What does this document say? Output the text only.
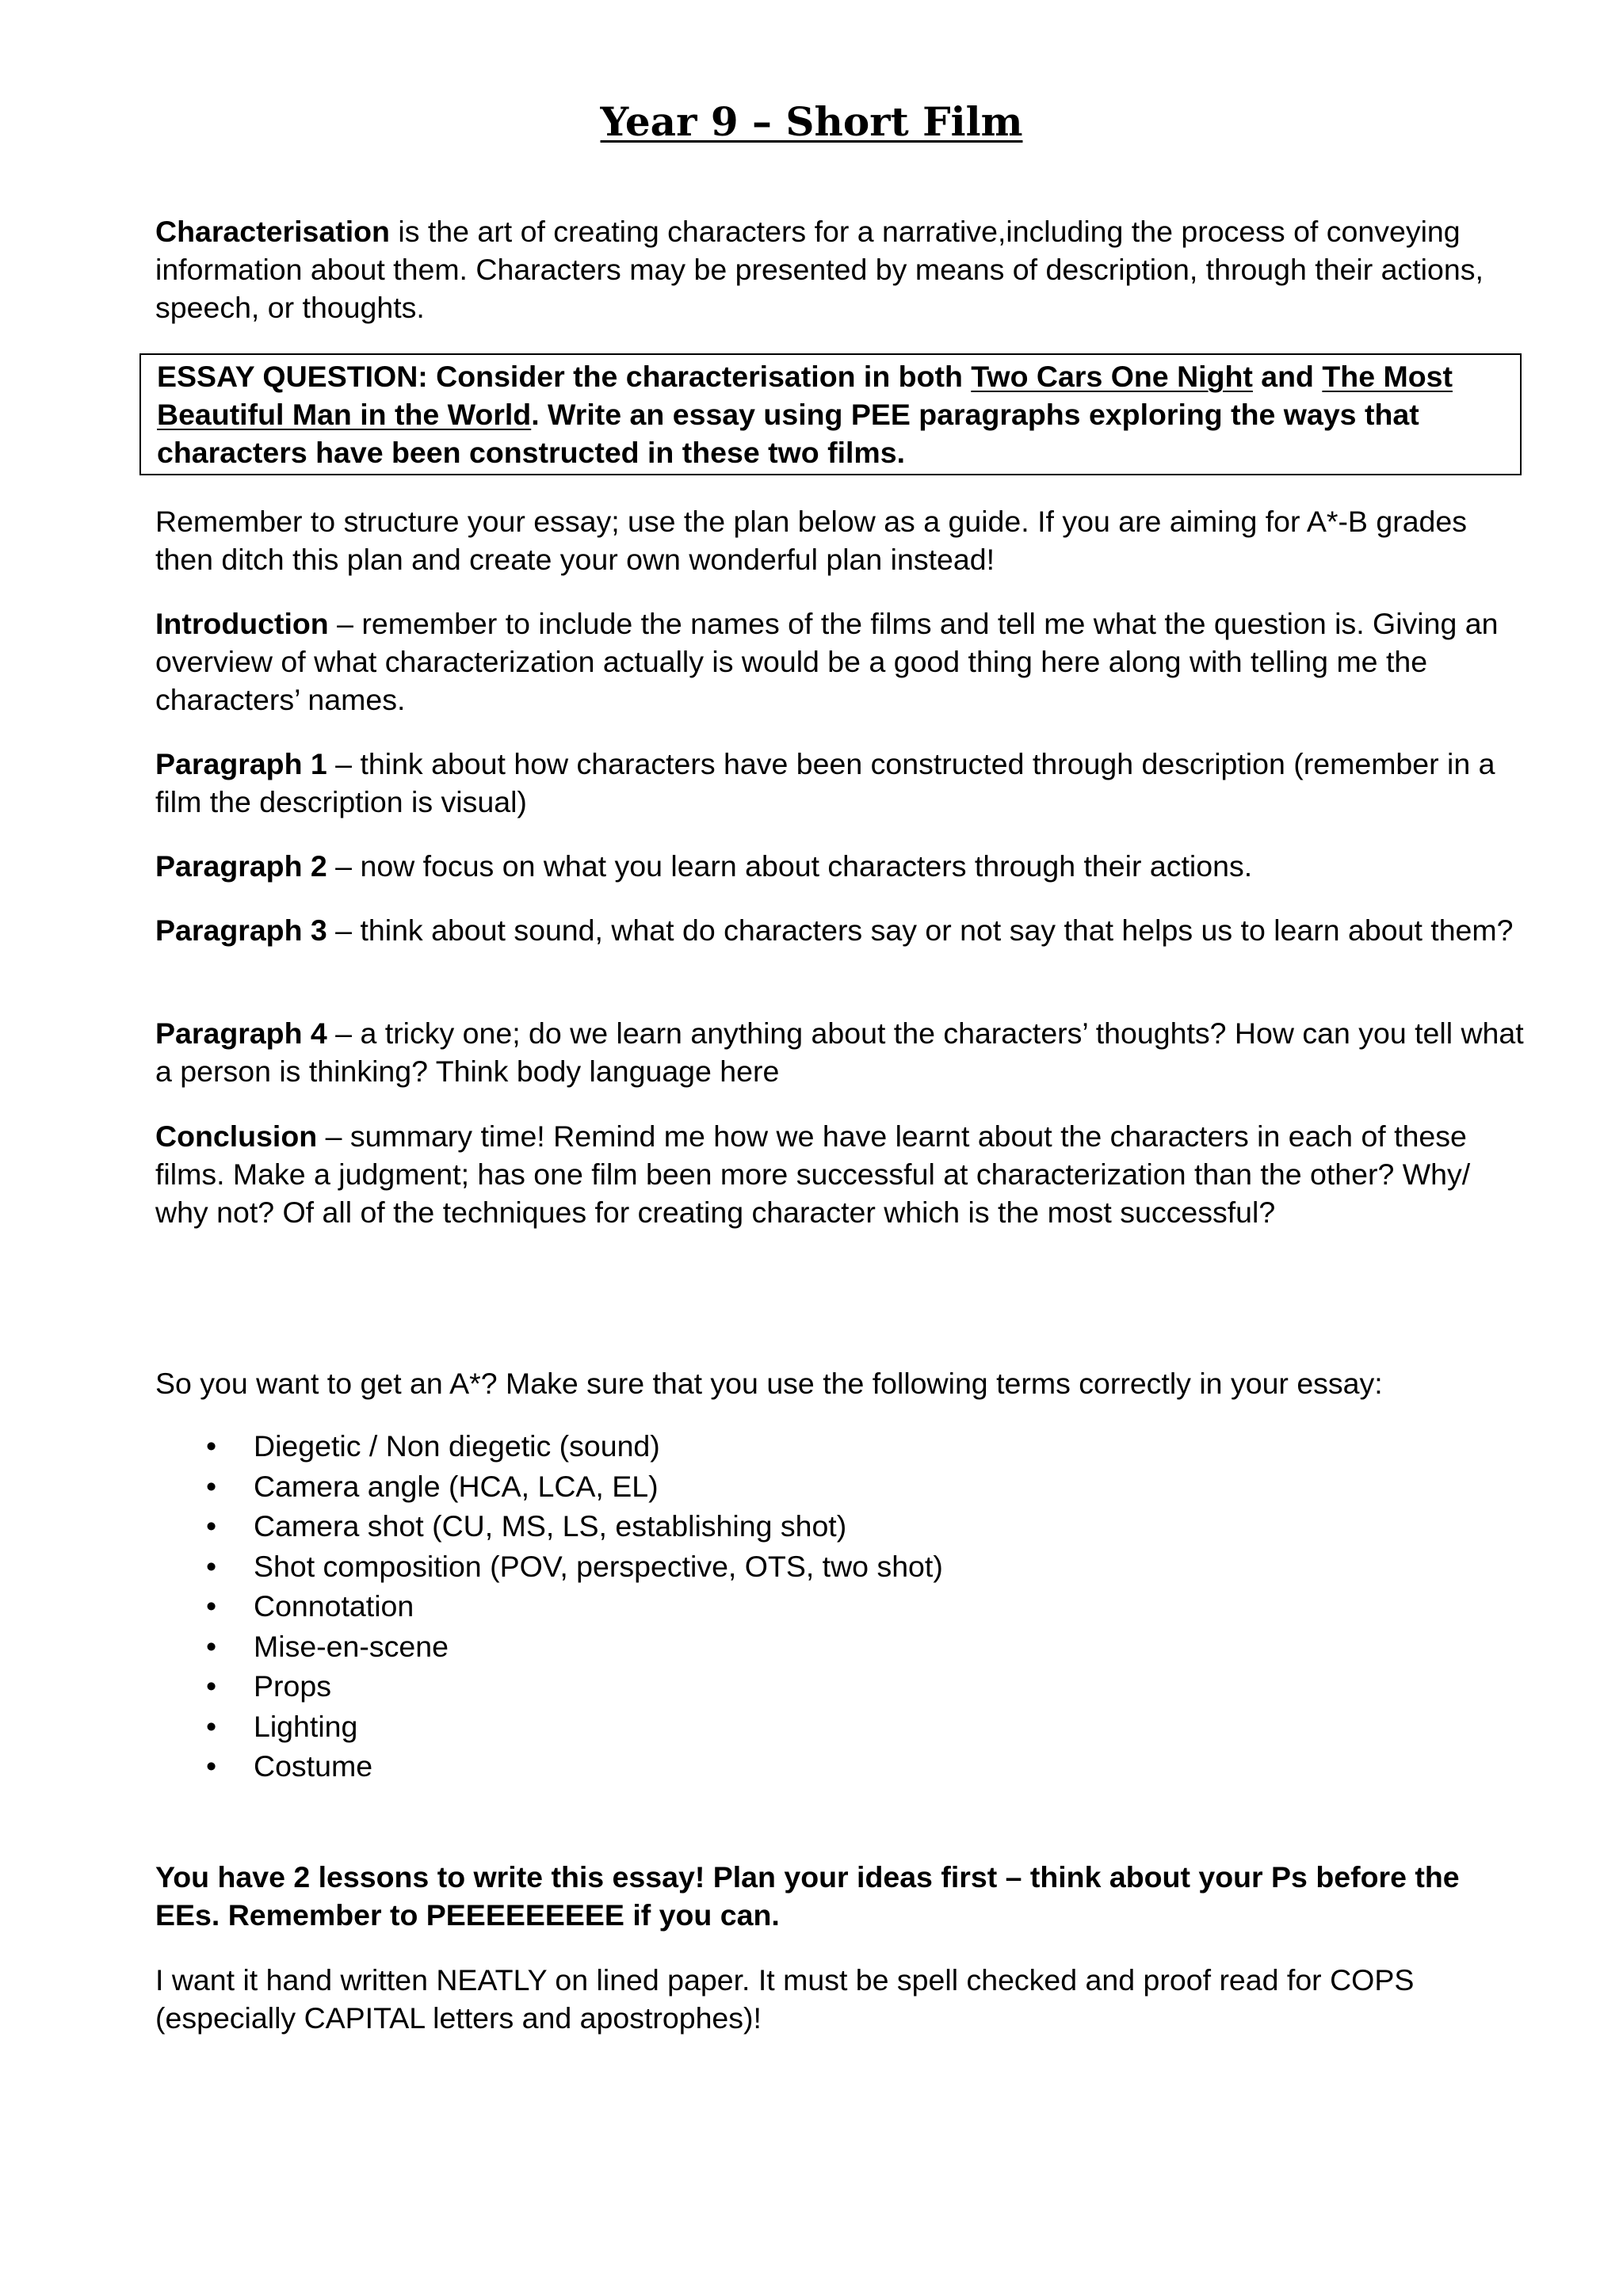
Year 9 – Short Film
Characterisation is the art of creating characters for a narrative,including the process of conveying information about them. Characters may be presented by means of description, through their actions, speech, or thoughts.
ESSAY QUESTION: Consider the characterisation in both Two Cars One Night and The Most Beautiful Man in the World. Write an essay using PEE paragraphs exploring the ways that characters have been constructed in these two films.
Remember to structure your essay; use the plan below as a guide. If you are aiming for A*-B grades then ditch this plan and create your own wonderful plan instead!
Introduction – remember to include the names of the films and tell me what the question is. Giving an overview of what characterization actually is would be a good thing here along with telling me the characters’ names.
Paragraph 1 – think about how characters have been constructed through description (remember in a film the description is visual)
Paragraph 2 – now focus on what you learn about characters through their actions.
Paragraph 3 – think about sound, what do characters say or not say that helps us to learn about them?
Paragraph 4 – a tricky one; do we learn anything about the characters’ thoughts? How can you tell what a person is thinking? Think body language here
Conclusion – summary time! Remind me how we have learnt about the characters in each of these films. Make a judgment; has one film been more successful at characterization than the other? Why/ why not? Of all of the techniques for creating character which is the most successful?
So you want to get an A*? Make sure that you use the following terms correctly in your essay:
• Diegetic / Non diegetic (sound)
• Camera angle (HCA, LCA, EL)
• Camera shot (CU, MS, LS, establishing shot)
• Shot composition (POV, perspective, OTS, two shot)
• Connotation
• Mise-en-scene
• Props
• Lighting
• Costume
You have 2 lessons to write this essay! Plan your ideas first – think about your Ps before the EEs. Remember to PEEEEEEEEE if you can.
I want it hand written NEATLY on lined paper. It must be spell checked and proof read for COPS (especially CAPITAL letters and apostrophes)!
